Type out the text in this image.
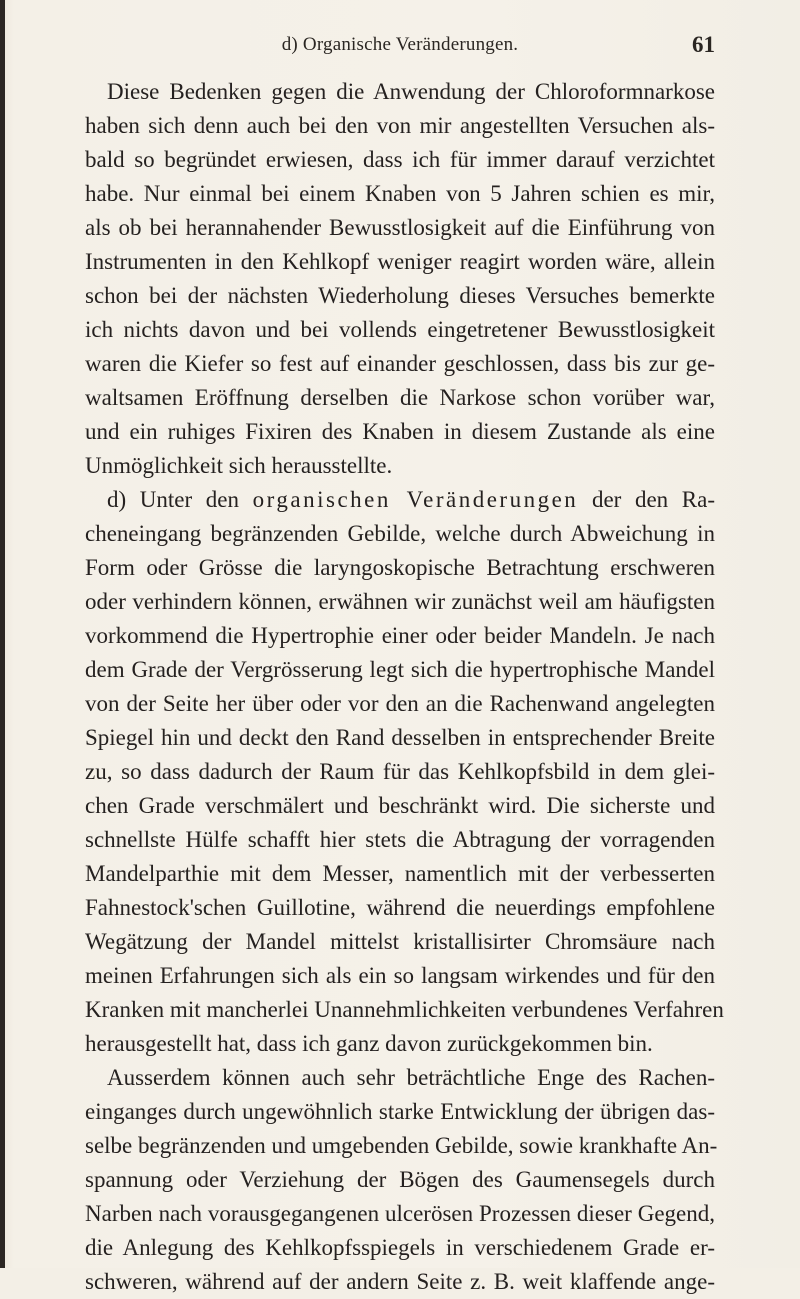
d) Organische Veränderungen.	61
Diese Bedenken gegen die Anwendung der Chloroformnarkose
haben sich denn auch bei den von mir angestellten Versuchen als-
bald so begründet erwiesen, dass ich für immer darauf verzichtet
habe. Nur einmal bei einem Knaben von 5 Jahren schien es mir,
als ob bei herannahender Bewusstlosigkeit auf die Einführung von
Instrumenten in den Kehlkopf weniger reagirt worden wäre, allein
schon bei der nächsten Wiederholung dieses Versuches bemerkte
ich nichts davon und bei vollends eingetretener Bewusstlosigkeit
waren die Kiefer so fest auf einander geschlossen, dass bis zur ge-
waltsamen Eröffnung derselben die Narkose schon vorüber war,
und ein ruhiges Fixiren des Knaben in diesem Zustande als eine
Unmöglichkeit sich herausstellte.
d) Unter den organischen Veränderungen der den Ra-
cheneingang begränzenden Gebilde, welche durch Abweichung in
Form oder Grösse die laryngoskopische Betrachtung erschweren
oder verhindern können, erwähnen wir zunächst weil am häufigsten
vorkommend die Hypertrophie einer oder beider Mandeln. Je nach
dem Grade der Vergrösserung legt sich die hypertrophische Mandel
von der Seite her über oder vor den an die Rachenwand angelegten
Spiegel hin und deckt den Rand desselben in entsprechender Breite
zu, so dass dadurch der Raum für das Kehlkopfsbild in dem glei-
chen Grade verschmälert und beschränkt wird. Die sicherste und
schnellste Hülfe schafft hier stets die Abtragung der vorragenden
Mandelparthie mit dem Messer, namentlich mit der verbesserten
Fahnestock'schen Guillotine, während die neuerdings empfohlene
Wegätzung der Mandel mittelst kristallisirter Chromsäure nach
meinen Erfahrungen sich als ein so langsam wirkendes und für den
Kranken mit mancherlei Unannehmlichkeiten verbundenes Verfahren
herausgestellt hat, dass ich ganz davon zurückgekommen bin.
Ausserdem können auch sehr beträchtliche Enge des Rachen-
einganges durch ungewöhnlich starke Entwicklung der übrigen das-
selbe begränzenden und umgebenden Gebilde, sowie krankhafte An-
spannung oder Verziehung der Bögen des Gaumensegels durch
Narben nach vorausgegangenen ulcerösen Prozessen dieser Gegend,
die Anlegung des Kehlkopfsspiegels in verschiedenem Grade er-
schweren, während auf der andern Seite z. B. weit klaffende ange-
